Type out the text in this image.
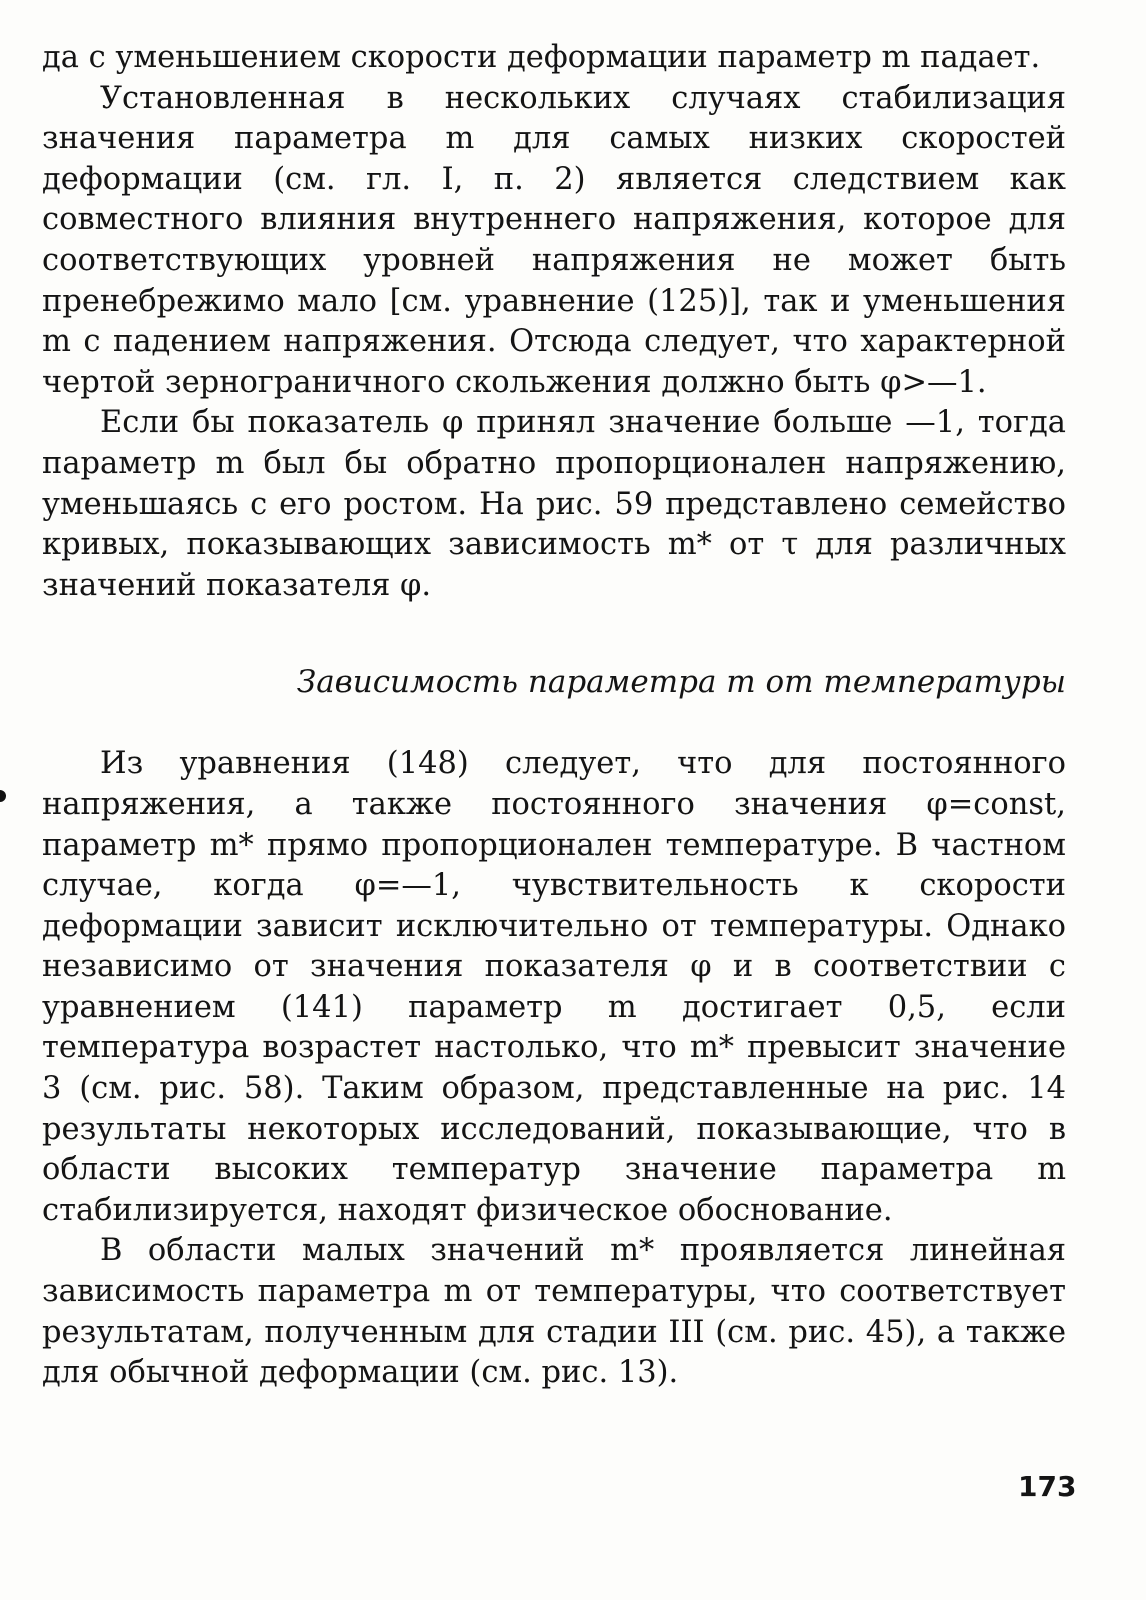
да с уменьшением скорости деформации параметр m падает.

Установленная в нескольких случаях стабилизация значения параметра m для самых низких скоростей деформации (см. гл. I, п. 2) является следствием как совместного влияния внутреннего напряжения, которое для соответствующих уровней напряжения не может быть пренебрежимо мало [см. уравнение (125)], так и уменьшения m с падением напряжения. Отсюда следует, что характерной чертой зернограничного скольжения должно быть φ>—1.

Если бы показатель φ принял значение больше —1, тогда параметр m был бы обратно пропорционален напряжению, уменьшаясь с его ростом. На рис. 59 представлено семейство кривых, показывающих зависимость m* от τ для различных значений показателя φ.

Зависимость параметра m от температуры

Из уравнения (148) следует, что для постоянного напряжения, а также постоянного значения φ=const, параметр m* прямо пропорционален температуре. В частном случае, когда φ=—1, чувствительность к скорости деформации зависит исключительно от температуры. Однако независимо от значения показателя φ и в соответствии с уравнением (141) параметр m достигает 0,5, если температура возрастет настолько, что m* превысит значение 3 (см. рис. 58). Таким образом, представленные на рис. 14 результаты некоторых исследований, показывающие, что в области высоких температур значение параметра m стабилизируется, находят физическое обоснование.

В области малых значений m* проявляется линейная зависимость параметра m от температуры, что соответствует результатам, полученным для стадии III (см. рис. 45), а также для обычной деформации (см. рис. 13).

173
